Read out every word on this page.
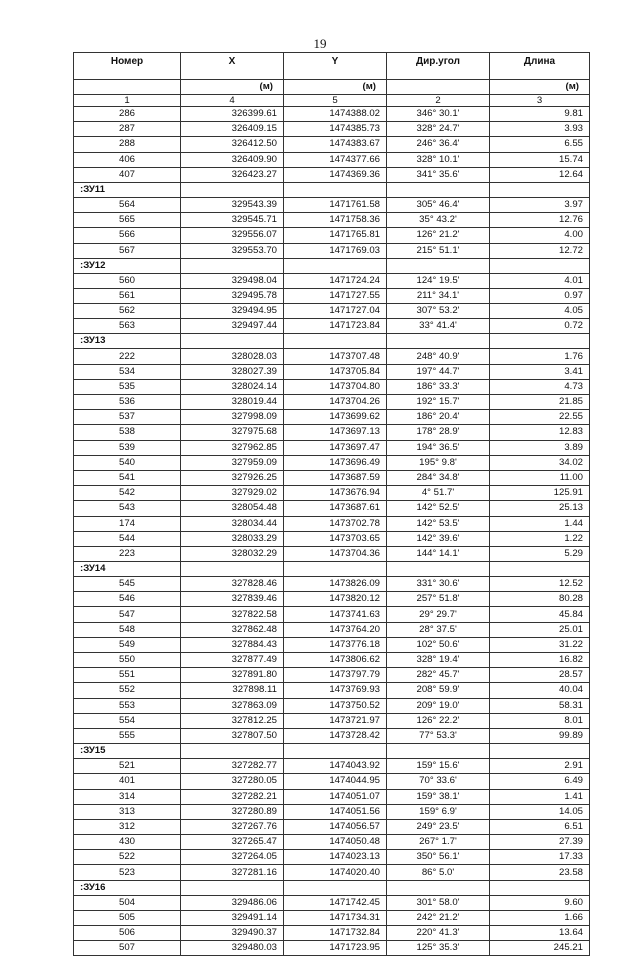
19
Номер	X	Y	Дир.угол	Длина
	(м)	(м)		(м)
1	4	5	2	3
286	326399.61	1474388.02	346° 30.1'	9.81
287	326409.15	1474385.73	328° 24.7'	3.93
288	326412.50	1474383.67	246° 36.4'	6.55
406	326409.90	1474377.66	328° 10.1'	15.74
407	326423.27	1474369.36	341° 35.6'	12.64
:ЗУ11				
564	329543.39	1471761.58	305° 46.4'	3.97
565	329545.71	1471758.36	35° 43.2'	12.76
566	329556.07	1471765.81	126° 21.2'	4.00
567	329553.70	1471769.03	215° 51.1'	12.72
:ЗУ12				
560	329498.04	1471724.24	124° 19.5'	4.01
561	329495.78	1471727.55	211° 34.1'	0.97
562	329494.95	1471727.04	307° 53.2'	4.05
563	329497.44	1471723.84	33° 41.4'	0.72
:ЗУ13				
222	328028.03	1473707.48	248° 40.9'	1.76
534	328027.39	1473705.84	197° 44.7'	3.41
535	328024.14	1473704.80	186° 33.3'	4.73
536	328019.44	1473704.26	192° 15.7'	21.85
537	327998.09	1473699.62	186° 20.4'	22.55
538	327975.68	1473697.13	178° 28.9'	12.83
539	327962.85	1473697.47	194° 36.5'	3.89
540	327959.09	1473696.49	195° 9.8'	34.02
541	327926.25	1473687.59	284° 34.8'	11.00
542	327929.02	1473676.94	4° 51.7'	125.91
543	328054.48	1473687.61	142° 52.5'	25.13
174	328034.44	1473702.78	142° 53.5'	1.44
544	328033.29	1473703.65	142° 39.6'	1.22
223	328032.29	1473704.36	144° 14.1'	5.29
:ЗУ14				
545	327828.46	1473826.09	331° 30.6'	12.52
546	327839.46	1473820.12	257° 51.8'	80.28
547	327822.58	1473741.63	29° 29.7'	45.84
548	327862.48	1473764.20	28° 37.5'	25.01
549	327884.43	1473776.18	102° 50.6'	31.22
550	327877.49	1473806.62	328° 19.4'	16.82
551	327891.80	1473797.79	282° 45.7'	28.57
552	327898.11	1473769.93	208° 59.9'	40.04
553	327863.09	1473750.52	209° 19.0'	58.31
554	327812.25	1473721.97	126° 22.2'	8.01
555	327807.50	1473728.42	77° 53.3'	99.89
:ЗУ15				
521	327282.77	1474043.92	159° 15.6'	2.91
401	327280.05	1474044.95	70° 33.6'	6.49
314	327282.21	1474051.07	159° 38.1'	1.41
313	327280.89	1474051.56	159° 6.9'	14.05
312	327267.76	1474056.57	249° 23.5'	6.51
430	327265.47	1474050.48	267° 1.7'	27.39
522	327264.05	1474023.13	350° 56.1'	17.33
523	327281.16	1474020.40	86° 5.0'	23.58
:ЗУ16				
504	329486.06	1471742.45	301° 58.0'	9.60
505	329491.14	1471734.31	242° 21.2'	1.66
506	329490.37	1471732.84	220° 41.3'	13.64
507	329480.03	1471723.95	125° 35.3'	245.21
